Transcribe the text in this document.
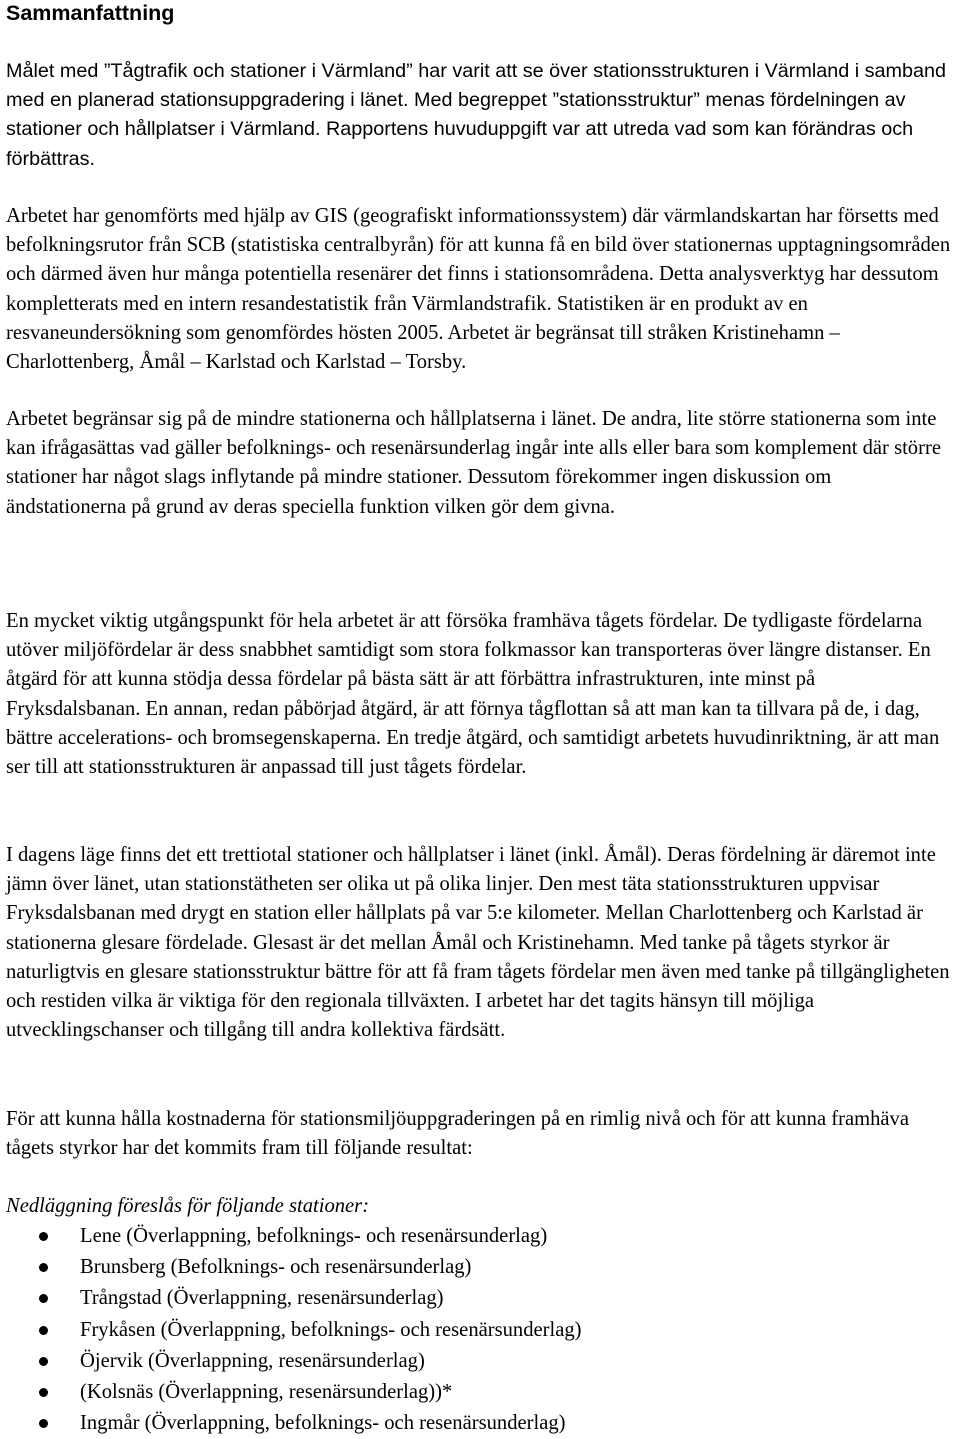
Sammanfattning

Målet med ”Tågtrafik och stationer i Värmland” har varit att se över stationsstrukturen i Värmland i samband med en planerad stationsuppgradering i länet. Med begreppet ”stationsstruktur” menas fördelningen av stationer och hållplatser i Värmland. Rapportens huvuduppgift var att utreda vad som kan förändras och förbättras.

Arbetet har genomförts med hjälp av GIS (geografiskt informationssystem) där värmlandskartan har försetts med befolkningsrutor från SCB (statistiska centralbyrån) för att kunna få en bild över stationernas upptagningsområden och därmed även hur många potentiella resenärer det finns i stationsområdena. Detta analysverktyg har dessutom kompletterats med en intern resandestatistik från Värmlandstrafik. Statistiken är en produkt av en resvaneundersökning som genomfördes hösten 2005. Arbetet är begränsat till stråken Kristinehamn – Charlottenberg, Åmål – Karlstad och Karlstad – Torsby.

Arbetet begränsar sig på de mindre stationerna och hållplatserna i länet. De andra, lite större stationerna som inte kan ifrågasättas vad gäller befolknings- och resenärsunderlag ingår inte alls eller bara som komplement där större stationer har något slags inflytande på mindre stationer. Dessutom förekommer ingen diskussion om ändstationerna på grund av deras speciella funktion vilken gör dem givna.

En mycket viktig utgångspunkt för hela arbetet är att försöka framhäva tågets fördelar. De tydligaste fördelarna utöver miljöfördelar är dess snabbhet samtidigt som stora folkmassor kan transporteras över längre distanser. En åtgärd för att kunna stödja dessa fördelar på bästa sätt är att förbättra infrastrukturen, inte minst på Fryksdalsbanan. En annan, redan påbörjad åtgärd, är att förnya tågflottan så att man kan ta tillvara på de, i dag, bättre accelerations- och bromsegenskaperna. En tredje åtgärd, och samtidigt arbetets huvudinriktning, är att man ser till att stationsstrukturen är anpassad till just tågets fördelar.

I dagens läge finns det ett trettiotal stationer och hållplatser i länet (inkl. Åmål). Deras fördelning är däremot inte jämn över länet, utan stationstätheten ser olika ut på olika linjer. Den mest täta stationsstrukturen uppvisar Fryksdalsbanan med drygt en station eller hållplats på var 5:e kilometer. Mellan Charlottenberg och Karlstad är stationerna glesare fördelade. Glesast är det mellan Åmål och Kristinehamn. Med tanke på tågets styrkor är naturligtvis en glesare stationsstruktur bättre för att få fram tågets fördelar men även med tanke på tillgängligheten och restiden vilka är viktiga för den regionala tillväxten. I arbetet har det tagits hänsyn till möjliga utvecklingschanser och tillgång till andra kollektiva färdsätt.

För att kunna hålla kostnaderna för stationsmiljöuppgraderingen på en rimlig nivå och för att kunna framhäva tågets styrkor har det kommits fram till följande resultat:

Nedläggning föreslås för följande stationer:
Lene (Överlappning, befolknings- och resenärsunderlag)
Brunsberg (Befolknings- och resenärsunderlag)
Trångstad (Överlappning, resenärsunderlag)
Frykåsen (Överlappning, befolknings- och resenärsunderlag)
Öjervik (Överlappning, resenärsunderlag)
(Kolsnäs (Överlappning, resenärsunderlag))*
Ingmår (Överlappning, befolknings- och resenärsunderlag)
